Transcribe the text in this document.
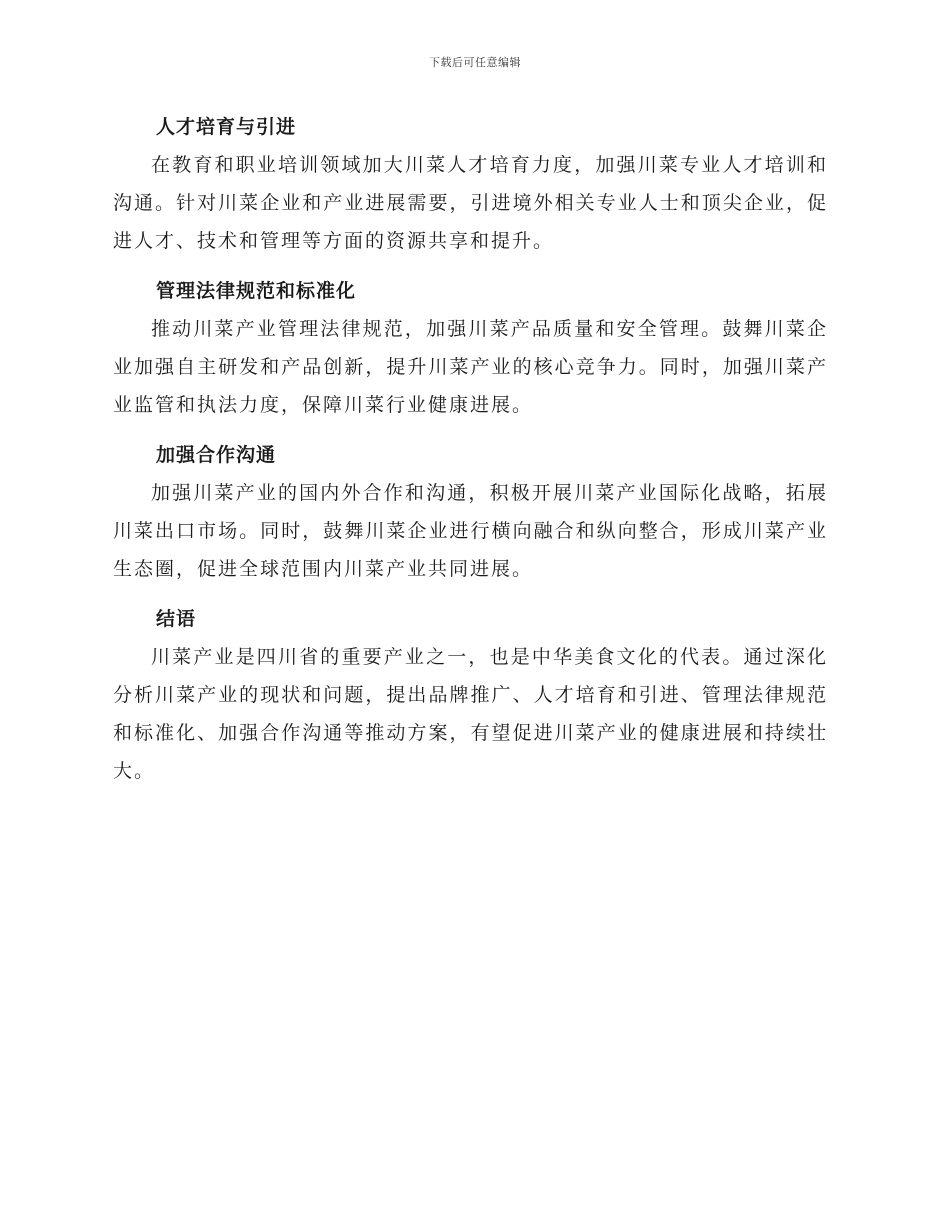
下载后可任意编辑
人才培育与引进

在教育和职业培训领域加大川菜人才培育力度，加强川菜专业人才培训和沟通。针对川菜企业和产业进展需要，引进境外相关专业人士和顶尖企业，促进人才、技术和管理等方面的资源共享和提升。

管理法律规范和标准化

推动川菜产业管理法律规范，加强川菜产品质量和安全管理。鼓舞川菜企业加强自主研发和产品创新，提升川菜产业的核心竞争力。同时，加强川菜产业监管和执法力度，保障川菜行业健康进展。

加强合作沟通

加强川菜产业的国内外合作和沟通，积极开展川菜产业国际化战略，拓展川菜出口市场。同时，鼓舞川菜企业进行横向融合和纵向整合，形成川菜产业生态圈，促进全球范围内川菜产业共同进展。

结语

川菜产业是四川省的重要产业之一，也是中华美食文化的代表。通过深化分析川菜产业的现状和问题，提出品牌推广、人才培育和引进、管理法律规范和标准化、加强合作沟通等推动方案，有望促进川菜产业的健康进展和持续壮大。
